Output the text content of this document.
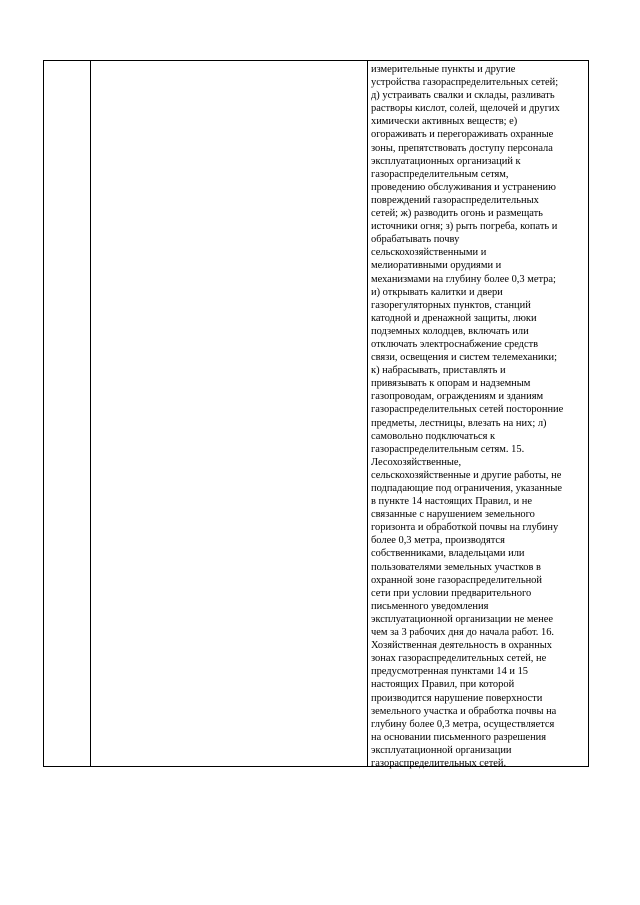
измерительные пункты и другие
устройства газораспределительных сетей;
д) устраивать свалки и склады, разливать
растворы кислот, солей, щелочей и других
химически активных веществ; е)
огораживать и перегораживать охранные
зоны, препятствовать доступу персонала
эксплуатационных организаций к
газораспределительным сетям,
проведению обслуживания и устранению
повреждений газораспределительных
сетей; ж) разводить огонь и размещать
источники огня; з) рыть погреба, копать и
обрабатывать почву
сельскохозяйственными и
мелиоративными орудиями и
механизмами на глубину более 0,3 метра;
и) открывать калитки и двери
газорегуляторных пунктов, станций
катодной и дренажной защиты, люки
подземных колодцев, включать или
отключать электроснабжение средств
связи, освещения и систем телемеханики;
к) набрасывать, приставлять и
привязывать к опорам и надземным
газопроводам, ограждениям и зданиям
газораспределительных сетей посторонние
предметы, лестницы, влезать на них; л)
самовольно подключаться к
газораспределительным сетям. 15.
Лесохозяйственные,
сельскохозяйственные и другие работы, не
подпадающие под ограничения, указанные
в пункте 14 настоящих Правил, и не
связанные с нарушением земельного
горизонта и обработкой почвы на глубину
более 0,3 метра, производятся
собственниками, владельцами или
пользователями земельных участков в
охранной зоне газораспределительной
сети при условии предварительного
письменного уведомления
эксплуатационной организации не менее
чем за 3 рабочих дня до начала работ. 16.
Хозяйственная деятельность в охранных
зонах газораспределительных сетей, не
предусмотренная пунктами 14 и 15
настоящих Правил, при которой
производится нарушение поверхности
земельного участка и обработка почвы на
глубину более 0,3 метра, осуществляется
на основании письменного разрешения
эксплуатационной организации
газораспределительных сетей.
